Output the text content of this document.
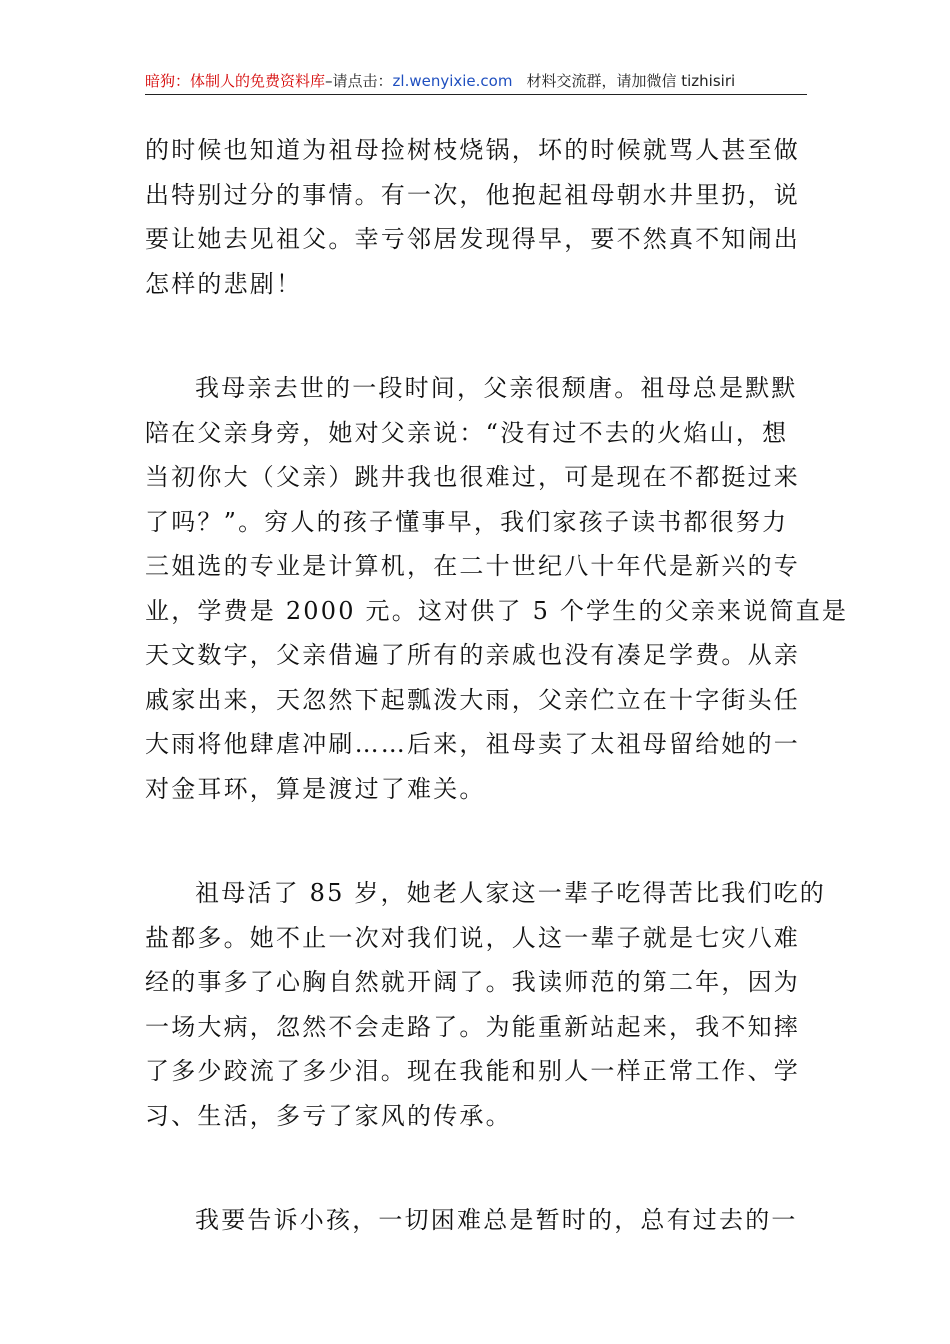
暗狗：体制人的免费资料库–请点击：zl.wenyixie.com 材料交流群，请加微信 tizhisiri

的时候也知道为祖母捡树枝烧锅，坏的时候就骂人甚至做
出特别过分的事情。有一次，他抱起祖母朝水井里扔，说
要让她去见祖父。幸亏邻居发现得早，要不然真不知闹出
怎样的悲剧！

我母亲去世的一段时间，父亲很颓唐。祖母总是默默
陪在父亲身旁，她对父亲说：“没有过不去的火焰山，想
当初你大（父亲）跳井我也很难过，可是现在不都挺过来
了吗？”。穷人的孩子懂事早，我们家孩子读书都很努力
三姐选的专业是计算机，在二十世纪八十年代是新兴的专
业，学费是 2000 元。这对供了 5 个学生的父亲来说简直是
天文数字，父亲借遍了所有的亲戚也没有凑足学费。从亲
戚家出来，天忽然下起瓢泼大雨，父亲伫立在十字街头任
大雨将他肆虐冲刷……后来，祖母卖了太祖母留给她的一
对金耳环，算是渡过了难关。

祖母活了 85 岁，她老人家这一辈子吃得苦比我们吃的
盐都多。她不止一次对我们说，人这一辈子就是七灾八难
经的事多了心胸自然就开阔了。我读师范的第二年，因为
一场大病，忽然不会走路了。为能重新站起来，我不知摔
了多少跤流了多少泪。现在我能和别人一样正常工作、学
习、生活，多亏了家风的传承。

我要告诉小孩，一切困难总是暂时的，总有过去的一
